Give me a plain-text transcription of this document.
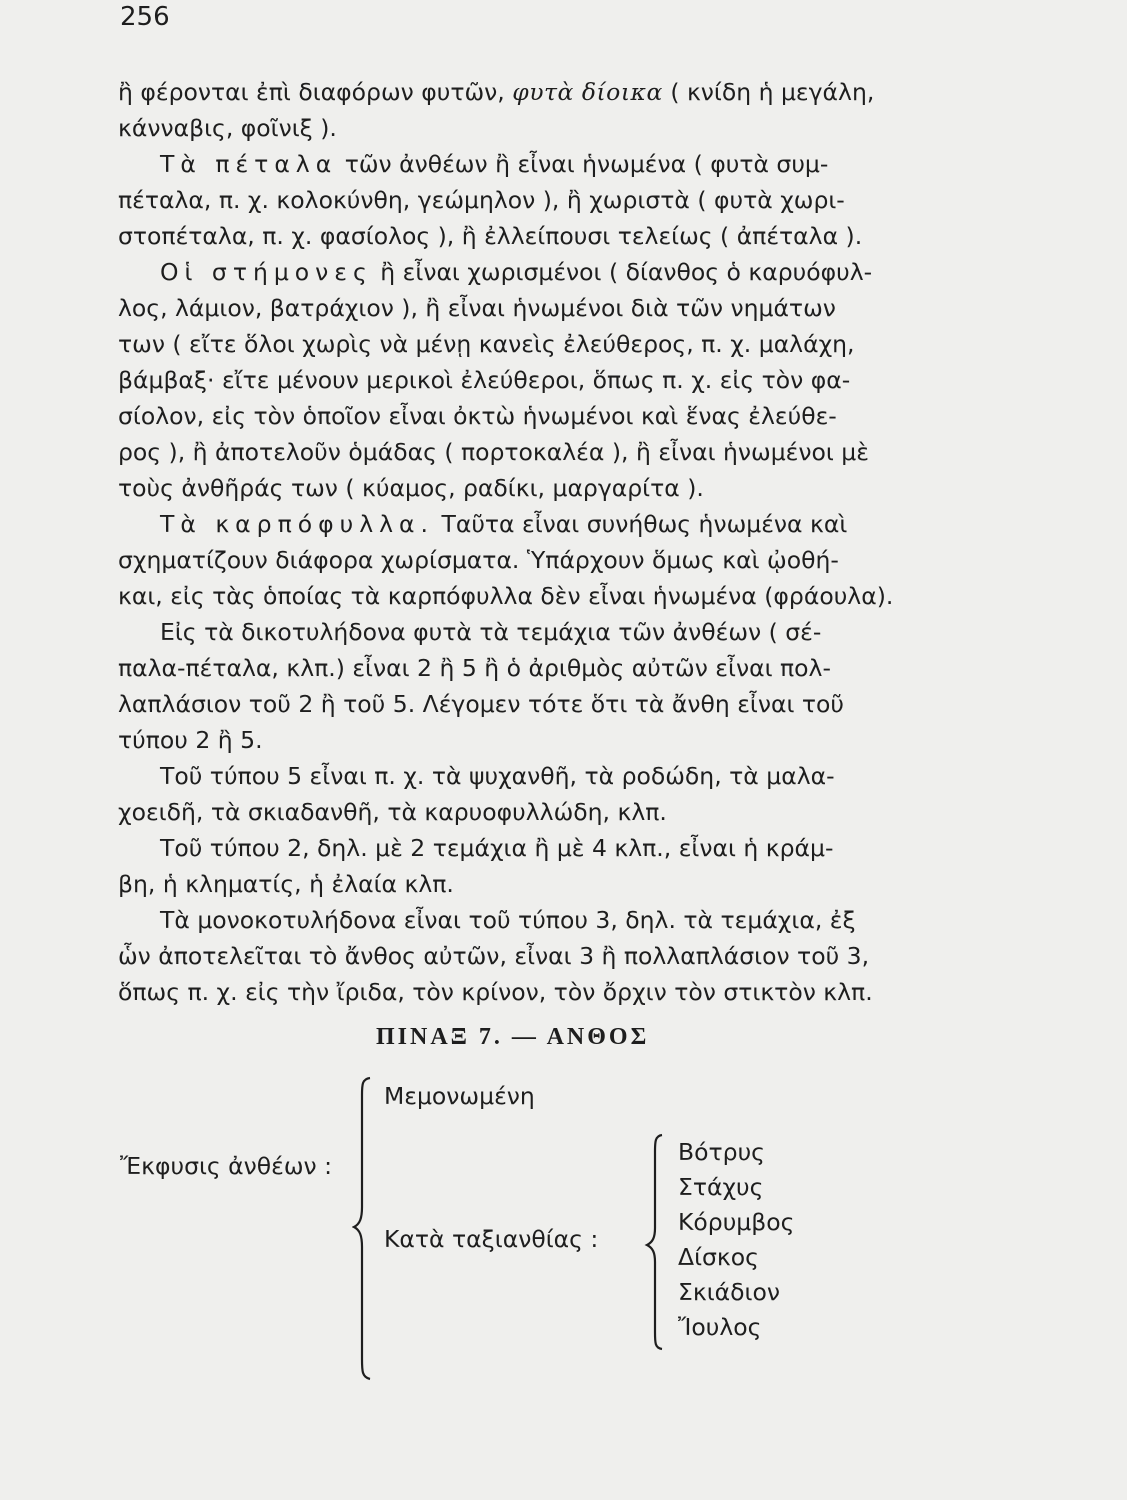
256
ἢ φέρονται ἐπὶ διαφόρων φυτῶν, φυτὰ δίοικα ( κνίδη ἡ μεγάλη,
κάνναβις, φοῖνιξ ).
Τὰ πέταλα τῶν ἀνθέων ἢ εἶναι ἡνωμένα ( φυτὰ συμ-
πέταλα, π. χ. κολοκύνθη, γεώμηλον ), ἢ χωριστὰ ( φυτὰ χωρι-
στοπέταλα, π. χ. φασίολος ), ἢ ἐλλείπουσι τελείως ( ἀπέταλα ).
Οἱ στήμονες ἢ εἶναι χωρισμένοι ( δίανθος ὁ καρυόφυλ-
λος, λάμιον, βατράχιον ), ἢ εἶναι ἡνωμένοι διὰ τῶν νημάτων
των ( εἴτε ὅλοι χωρὶς νὰ μένῃ κανεὶς ἐλεύθερος, π. χ. μαλάχη,
βάμβαξ· εἴτε μένουν μερικοὶ ἐλεύθεροι, ὅπως π. χ. εἰς τὸν φα-
σίολον, εἰς τὸν ὁποῖον εἶναι ὀκτὼ ἡνωμένοι καὶ ἕνας ἐλεύθε-
ρος ), ἢ ἀποτελοῦν ὁμάδας ( πορτοκαλέα ), ἢ εἶναι ἡνωμένοι μὲ
τοὺς ἀνθῆράς των ( κύαμος, ραδίκι, μαργαρίτα ).
Τὰ καρπόφυλλα. Ταῦτα εἶναι συνήθως ἡνωμένα καὶ
σχηματίζουν διάφορα χωρίσματα. Ὑπάρχουν ὅμως καὶ ᾠοθή-
και, εἰς τὰς ὁποίας τὰ καρπόφυλλα δὲν εἶναι ἡνωμένα (φράουλα).
Εἰς τὰ δικοτυλήδονα φυτὰ τὰ τεμάχια τῶν ἀνθέων ( σέ-
παλα-πέταλα, κλπ.) εἶναι 2 ἢ 5 ἢ ὁ ἀριθμὸς αὐτῶν εἶναι πολ-
λαπλάσιον τοῦ 2 ἢ τοῦ 5. Λέγομεν τότε ὅτι τὰ ἄνθη εἶναι τοῦ
τύπου 2 ἢ 5.
Τοῦ τύπου 5 εἶναι π. χ. τὰ ψυχανθῆ, τὰ ροδώδη, τὰ μαλα-
χοειδῆ, τὰ σκιαδανθῆ, τὰ καρυοφυλλώδη, κλπ.
Τοῦ τύπου 2, δηλ. μὲ 2 τεμάχια ἢ μὲ 4 κλπ., εἶναι ἡ κράμ-
βη, ἡ κληματίς, ἡ ἐλαία κλπ.
Τὰ μονοκοτυλήδονα εἶναι τοῦ τύπου 3, δηλ. τὰ τεμάχια, ἐξ
ὧν ἀποτελεῖται τὸ ἄνθος αὐτῶν, εἶναι 3 ἢ πολλαπλάσιον τοῦ 3,
ὅπως π. χ. εἰς τὴν ἴριδα, τὸν κρίνον, τὸν ὄρχιν τὸν στικτὸν κλπ.
ΠΙΝΑΞ 7. — ΑΝΘΟΣ
Ἔκφυσις ἀνθέων :
Μεμονωμένη
Κατὰ ταξιανθίας :
Βότρυς
Στάχυς
Κόρυμβος
Δίσκος
Σκιάδιον
Ἴουλος
